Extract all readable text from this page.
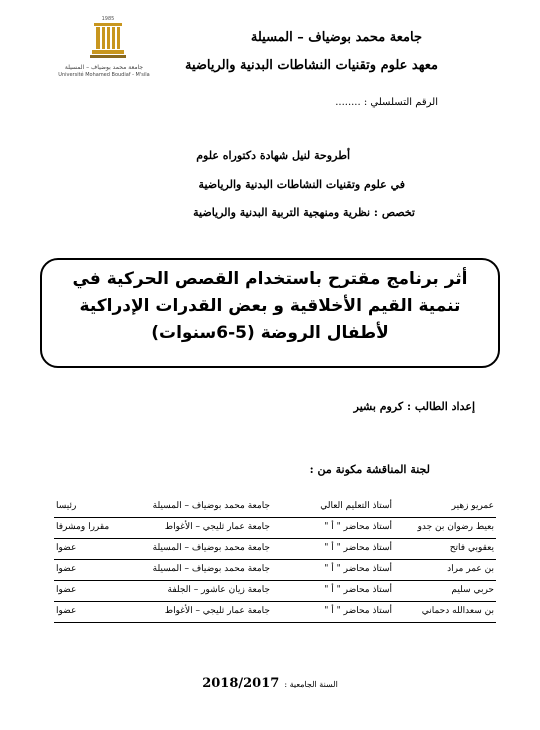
1985
جامعة محمد بوضياف – المسيلة
Université Mohamed Boudiaf - M'sila
جامعة محمد بوضياف – المسيلة
معهد علوم وتقنيات النشاطات البدنية والرياضية
الرقم التسلسلي : ........
أطروحة لنيل شهادة دكتوراه علوم
في علوم وتقنيات النشاطات البدنية والرياضية
تخصص : نظرية ومنهجية التربية البدنية والرياضية
أثر برنامج مقترح باستخدام القصص الحركية في
تنمية القيم الأخلاقية و بعض القدرات الإدراكية
لأطفال الروضة (5-6سنوات)
إعداد الطالب : كروم بشير
لجنة المناقشة مكونة من :
عمريو زهير	أستاذ التعليم العالي	جامعة محمد بوضياف – المسيلة	رئيسا
بعيط رضوان بن جدو	أستاذ محاضر " أ "	جامعة عمار ثليجي – الأغواط	مقررا ومشرفا
يعقوبي فاتح	أستاذ محاضر " أ "	جامعة محمد بوضياف – المسيلة	عضوا
بن عمر مراد	أستاذ محاضر " أ "	جامعة محمد بوضياف – المسيلة	عضوا
حربي سليم	أستاذ محاضر " أ "	جامعة زيان عاشور – الجلفة	عضوا
بن سعدالله دحماني	أستاذ محاضر " أ "	جامعة عمار ثليجي – الأغواط	عضوا
السنة الجامعية : 2018/2017
